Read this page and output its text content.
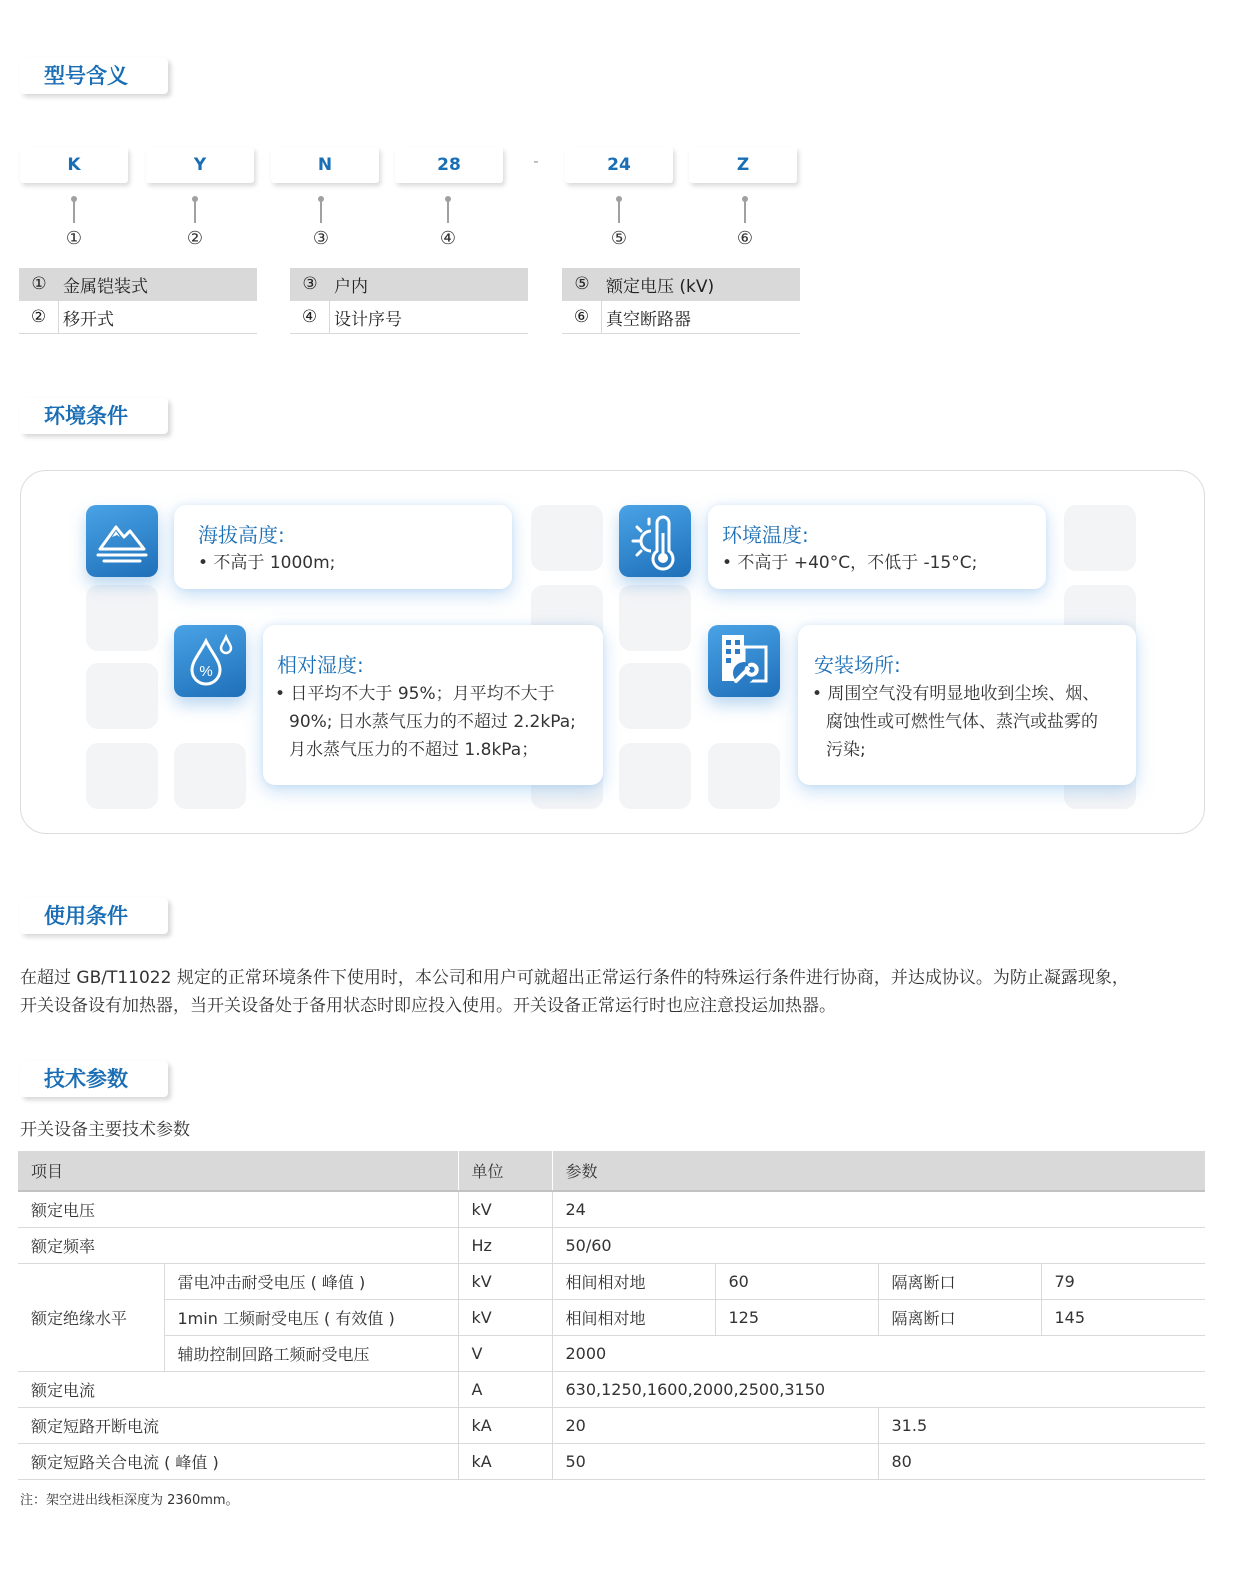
型号含义
K	Y	N	28	-	24	Z
①	②	③	④	⑤	⑥
① 金属铠装式
② 移开式
③ 户内
④ 设计序号
⑤ 额定电压 (kV)
⑥ 真空断路器
环境条件
海拔高度:
• 不高于 1000m;
环境温度:
• 不高于 +40°C，不低于 -15°C;
相对湿度:
• 日平均不大于 95%；月平均不大于
90%; 日水蒸气压力的不超过 2.2kPa;
月水蒸气压力的不超过 1.8kPa；
%	安装场所:
• 周围空气没有明显地收到尘埃、烟、
腐蚀性或可燃性气体、蒸汽或盐雾的
污染;
使用条件
在超过 GB/T11022 规定的正常环境条件下使用时，本公司和用户可就超出正常运行条件的特殊运行条件进行协商，并达成协议。为防止凝露现象，
开关设备设有加热器，当开关设备处于备用状态时即应投入使用。开关设备正常运行时也应注意投运加热器。
技术参数
开关设备主要技术参数
项目		单位	参数			
额定电压		kV	24			
额定频率		Hz	50/60			
额定绝缘水平	雷电冲击耐受电压 ( 峰值 )	kV	相间相对地	60	隔离断口	79
	1min 工频耐受电压 ( 有效值 )	kV	相间相对地	125	隔离断口	145
	辅助控制回路工频耐受电压	V	2000			
额定电流		A	630,1250,1600,2000,2500,3150			
额定短路开断电流		kA	20		31.5	
额定短路关合电流 ( 峰值 )		kA	50		80	
注：架空进出线柜深度为 2360mm。
